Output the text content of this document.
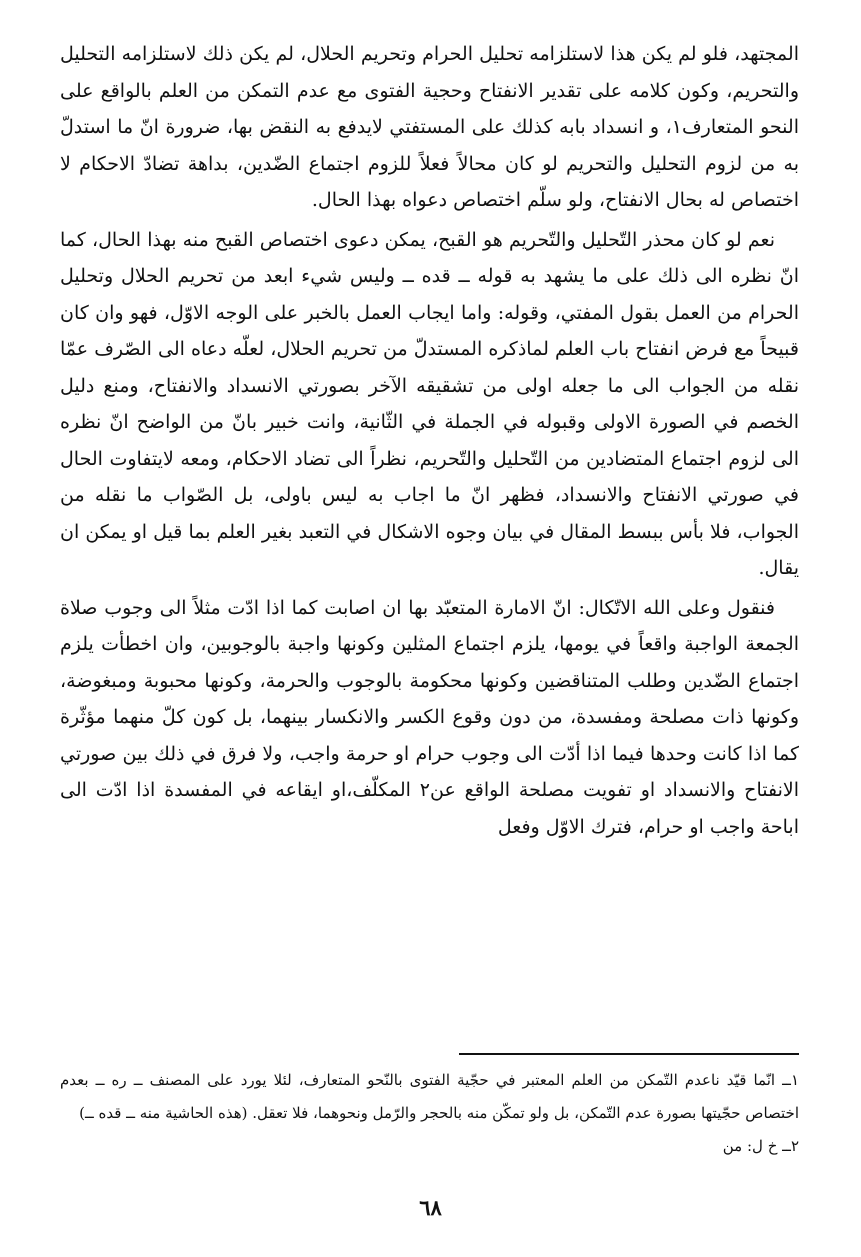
المجتهد، فلو لم يكن هذا لاستلزامه تحليل الحرام وتحريم الحلال، لم يكن ذلك لاستلزامه التحليل والتحريم، وكون كلامه على تقدير الانفتاح وحجية الفتوى مع عدم التمكن من العلم بالواقع على النحو المتعارف١، و انسداد بابه كذلك على المستفتي لايدفع به النقض بها، ضرورة انّ ما استدلّ به من لزوم التحليل والتحريم لو كان محالاً فعلاً للزوم اجتماع الضّدين، بداهة تضادّ الاحكام لا اختصاص له بحال الانفتاح، ولو سلّم اختصاص دعواه بهذا الحال.

نعم لو كان محذر التّحليل والتّحريم هو القبح، يمكن دعوى اختصاص القبح منه بهذا الحال، كما انّ نظره الى ذلك على ما يشهد به قوله ــ قده ــ وليس شيء ابعد من تحريم الحلال وتحليل الحرام من العمل بقول المفتي، وقوله: واما ايجاب العمل بالخبر على الوجه الاوّل، فهو وان كان قبيحاً مع فرض انفتاح باب العلم لماذكره المستدلّ من تحريم الحلال، لعلّه دعاه الى الصّرف عمّا نقله من الجواب الى ما جعله اولى من تشقيقه الآخر بصورتي الانسداد والانفتاح، ومنع دليل الخصم في الصورة الاولى وقبوله في الجملة في الثّانية، وانت خبير بانّ من الواضح انّ نظره الى لزوم اجتماع المتضادين من التّحليل والتّحريم، نظراً الى تضاد الاحكام، ومعه لايتفاوت الحال في صورتي الانفتاح والانسداد، فظهر انّ ما اجاب به ليس باولى، بل الصّواب ما نقله من الجواب، فلا بأس ببسط المقال في بيان وجوه الاشكال في التعبد بغير العلم بما قيل او يمكن ان يقال.

فنقول وعلى الله الاتّكال: انّ الامارة المتعبّد بها ان اصابت كما اذا ادّت مثلاً الى وجوب صلاة الجمعة الواجبة واقعاً في يومها، يلزم اجتماع المثلين وكونها واجبة بالوجوبين، وان اخطأت يلزم اجتماع الضّدين وطلب المتناقضين وكونها محكومة بالوجوب والحرمة، وكونها محبوبة ومبغوضة، وكونها ذات مصلحة ومفسدة، من دون وقوع الكسر والانكسار بينهما، بل كون كلّ منهما مؤثّرة كما اذا كانت وحدها فيما اذا أدّت الى وجوب حرام او حرمة واجب، ولا فرق في ذلك بين صورتي الانفتاح والانسداد او تفويت مصلحة الواقع عن٢ المكلّف،او ايقاعه في المفسدة اذا ادّت الى اباحة واجب او حرام، فترك الاوّل وفعل

١ــ انّما قيّد ناعدم التّمكن من العلم المعتبر في حجّية الفتوى بالنّحو المتعارف، لئلا يورد على المصنف ــ ره ــ بعدم اختصاص حجّيتها بصورة عدم التّمكن، بل ولو تمكّن منه بالحجر والرّمل ونحوهما، فلا تعقل. (هذه الحاشية منه ــ قده ــ)

٢ــ خ ل: من

٦٨
